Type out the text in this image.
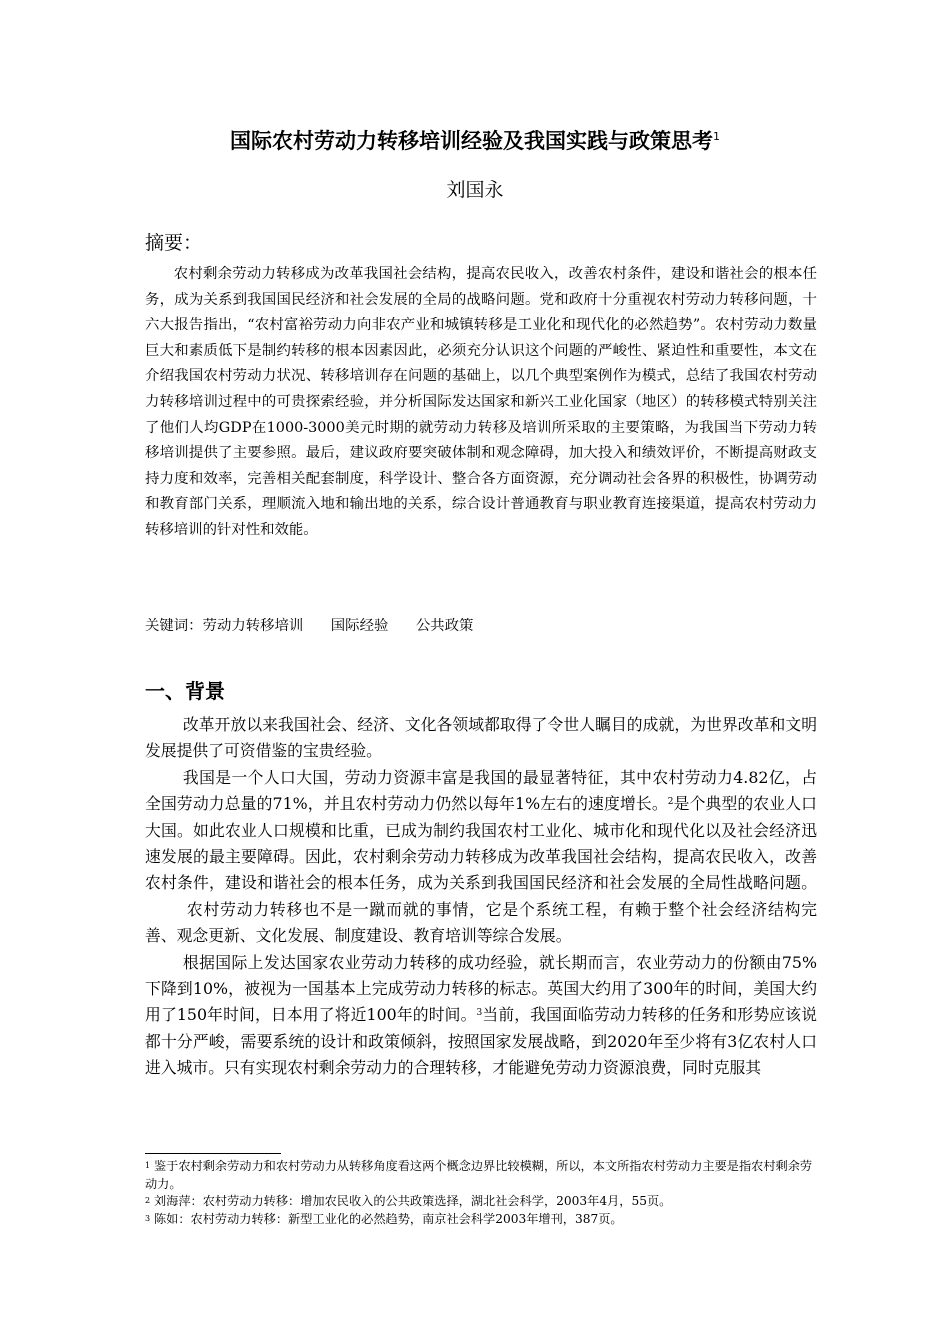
国际农村劳动力转移培训经验及我国实践与政策思考$^1$
刘国永
摘要：
农村剩余劳动力转移成为改革我国社会结构，提高农民收入，改善农村条件，建设和谐社会的根本任务，成为关系到我国国民经济和社会发展的全局的战略问题。党和政府十分重视农村劳动力转移问题，十六大报告指出，“农村富裕劳动力向非农产业和城镇转移是工业化和现代化的必然趋势”。农村劳动力数量巨大和素质低下是制约转移的根本因素因此，必须充分认识这个问题的严峻性、紧迫性和重要性，本文在介绍我国农村劳动力状况、转移培训存在问题的基础上，以几个典型案例作为模式，总结了我国农村劳动力转移培训过程中的可贵探索经验，并分析国际发达国家和新兴工业化国家（地区）的转移模式特别关注了他们人均GDP在1000-3000美元时期的就劳动力转移及培训所采取的主要策略，为我国当下劳动力转移培训提供了主要参照。最后，建议政府要突破体制和观念障碍，加大投入和绩效评价，不断提高财政支持力度和效率，完善相关配套制度，科学设计、整合各方面资源，充分调动社会各界的积极性，协调劳动和教育部门关系，理顺流入地和输出地的关系，综合设计普通教育与职业教育连接渠道，提高农村劳动力转移培训的针对性和效能。
关键词：劳动力转移培训 国际经验 公共政策
一、背景

改革开放以来我国社会、经济、文化各领域都取得了令世人瞩目的成就，为世界改革和文明发展提供了可资借鉴的宝贵经验。

我国是一个人口大国，劳动力资源丰富是我国的最显著特征，其中农村劳动力4.82亿，占全国劳动力总量的71%，并且农村劳动力仍然以每年1%左右的速度增长。$^2$是个典型的农业人口大国。如此农业人口规模和比重，已成为制约我国农村工业化、城市化和现代化以及社会经济迅速发展的最主要障碍。因此，农村剩余劳动力转移成为改革我国社会结构，提高农民收入，改善农村条件，建设和谐社会的根本任务，成为关系到我国国民经济和社会发展的全局性战略问题。农村劳动力转移也不是一蹴而就的事情，它是个系统工程，有赖于整个社会经济结构完善、观念更新、文化发展、制度建设、教育培训等综合发展。

根据国际上发达国家农业劳动力转移的成功经验，就长期而言，农业劳动力的份额由75%下降到10%，被视为一国基本上完成劳动力转移的标志。英国大约用了300年的时间，美国大约用了150年时间，日本用了将近100年的时间。$^3$当前，我国面临劳动力转移的任务和形势应该说都十分严峻，需要系统的设计和政策倾斜，按照国家发展战略，到2020年至少将有3亿农村人口进入城市。只有实现农村剩余劳动力的合理转移，才能避免劳动力资源浪费，同时克服其

$^1$ 鉴于农村剩余劳动力和农村劳动力从转移角度看这两个概念边界比较模糊，所以，本文所指农村劳动力主要是指农村剩余劳动力。

$^2$ 刘海萍：农村劳动力转移：增加农民收入的公共政策选择，湖北社会科学，2003年4月，55页。

$^3$ 陈如：农村劳动力转移：新型工业化的必然趋势，南京社会科学2003年增刊，387页。
